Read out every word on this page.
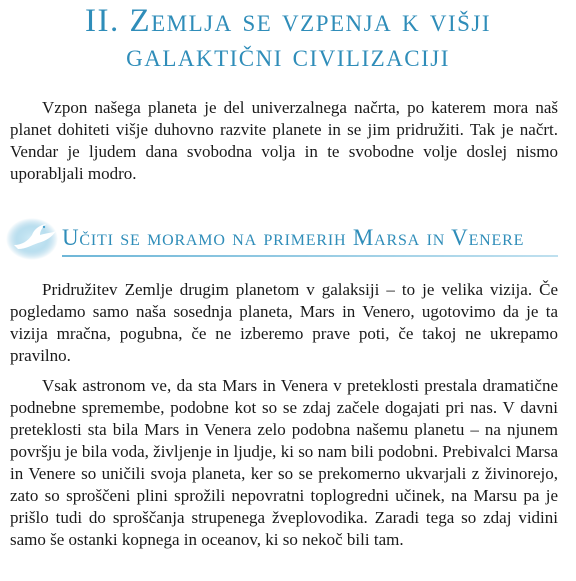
II. Zemlja se vzpenja k višji
galaktični civilizaciji

Vzpon našega planeta je del univerzalnega načrta, po katerem mora naš planet dohiteti višje duhovno razvite planete in se jim pridružiti. Tak je načrt. Vendar je ljudem dana svobodna volja in te svobodne volje doslej nismo uporabljali modro.

Učiti se moramo na primerih Marsa in Venere

Pridružitev Zemlje drugim planetom v galaksiji – to je velika vizija. Če pogledamo samo naša sosednja planeta, Mars in Venero, ugotovimo da je ta vizija mračna, pogubna, če ne izberemo prave poti, če takoj ne ukrepamo pravilno.

Vsak astronom ve, da sta Mars in Venera v preteklosti prestala dramatične podnebne spremembe, podobne kot so se zdaj začele dogajati pri nas. V davni preteklosti sta bila Mars in Venera zelo podobna našemu planetu – na njunem površju je bila voda, življenje in ljudje, ki so nam bili podobni. Prebivalci Marsa in Venere so uničili svoja planeta, ker so se prekomerno ukvarjali z živinorejo, zato so sproščeni plini sprožili nepovratni toplogredni učinek, na Marsu pa je prišlo tudi do sproščanja strupenega žveplovodika. Zaradi tega so zdaj vidini samo še ostanki kopnega in oceanov, ki so nekoč bili tam.
